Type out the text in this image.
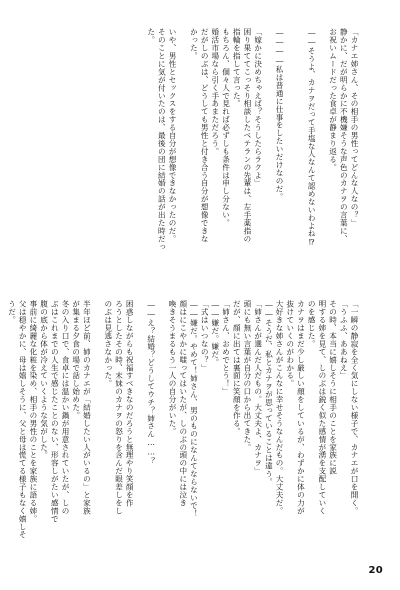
「カナエ姉さん、その相手の男性ってどんな人なの？」

静かに、だが明らかに不機嫌そうな声色のカナヲの言葉に、

お祝いムードだった食卓が静まり返る。

――そうよ、カナヲだって手塩な人なんて認めないわよね⁉

――――私は普通に仕事をしたいだけなのだ。

「嫁かに決めちゃえば？そうしたらラクよ」

困り果ててこっそり相談したベテランの先輩は、左手薬指の

指輪を指して言った。

もちろん、個々人で見れば必ずしも条件は申し分ない。

婚活市場なら引く手あまただろう。

だがしのぶは、どうしても男性と付き合う自分が想像できな

かった。

いや、男性とセックスをする自分が想像できなかったのだ。

そのことに気が付いたのは、最後の団に結婚の話が出た時だっ

た。

「一瞬の静寂を全く気にしない様子で、カナエが口を開く。

「うふふ、ああねえ」

その時、本当に嬉しそうに相手のことを家族に説

明する姉を見て、しのぶは鋭く似た感情が湧を支配していく

のを感じた。

カナヲはまだ少し厳しい顔をしているが、わずかに体の力が

抜けていくのがわかる。

大好きな姉さんがこんなに幸せそうなんだもの。大丈夫だ。

――そうだ、私とカナヲが思っていることは違う。

「姉さんが選んだ人だもの。大丈夫よ、カナヲ」

頭にも無い言葉が自分の口から出てきた。

だが、顔に出ては裏面に笑顔を作る。

「姉さん、おめでとう！」

――嫌だ。嫌だ。

「式はいつなの？」

――嫌だ。やめて！姉さん、男のものになんてならないで！

顔はにこやかに嗤ってはいたが、しのぶの頭の中には泣き

喚きそうまるもう一人の自分がいた。

――え？結婚？どうしてウチ？姉さん……？

困惑しながらも祝福すべきなのだろうと無理やり笑顔を作

ろうとしたその時、末妹のカナヲの怒りを含んだ眼差しをし

のぶは見逃さなかった。

半年ほど前、姉のカナエが「結婚したい人がいるの」と家族

が集まる夕食の場で話し始めた。

冬の入り口で、食卓には温かい鍋が用意されていたが、しの

ぶはこれまでの人生で感じたことのない、形容しがたい感情で

腹の底から体が冷えていくような気がした。

事前に綺麗な化粧を染め、相手の男性のことを家族に語る姉。

父は穏やかに、母は嬉しそうに、父と母は慌てる様子もなく嬉しそ

うだ。

20
